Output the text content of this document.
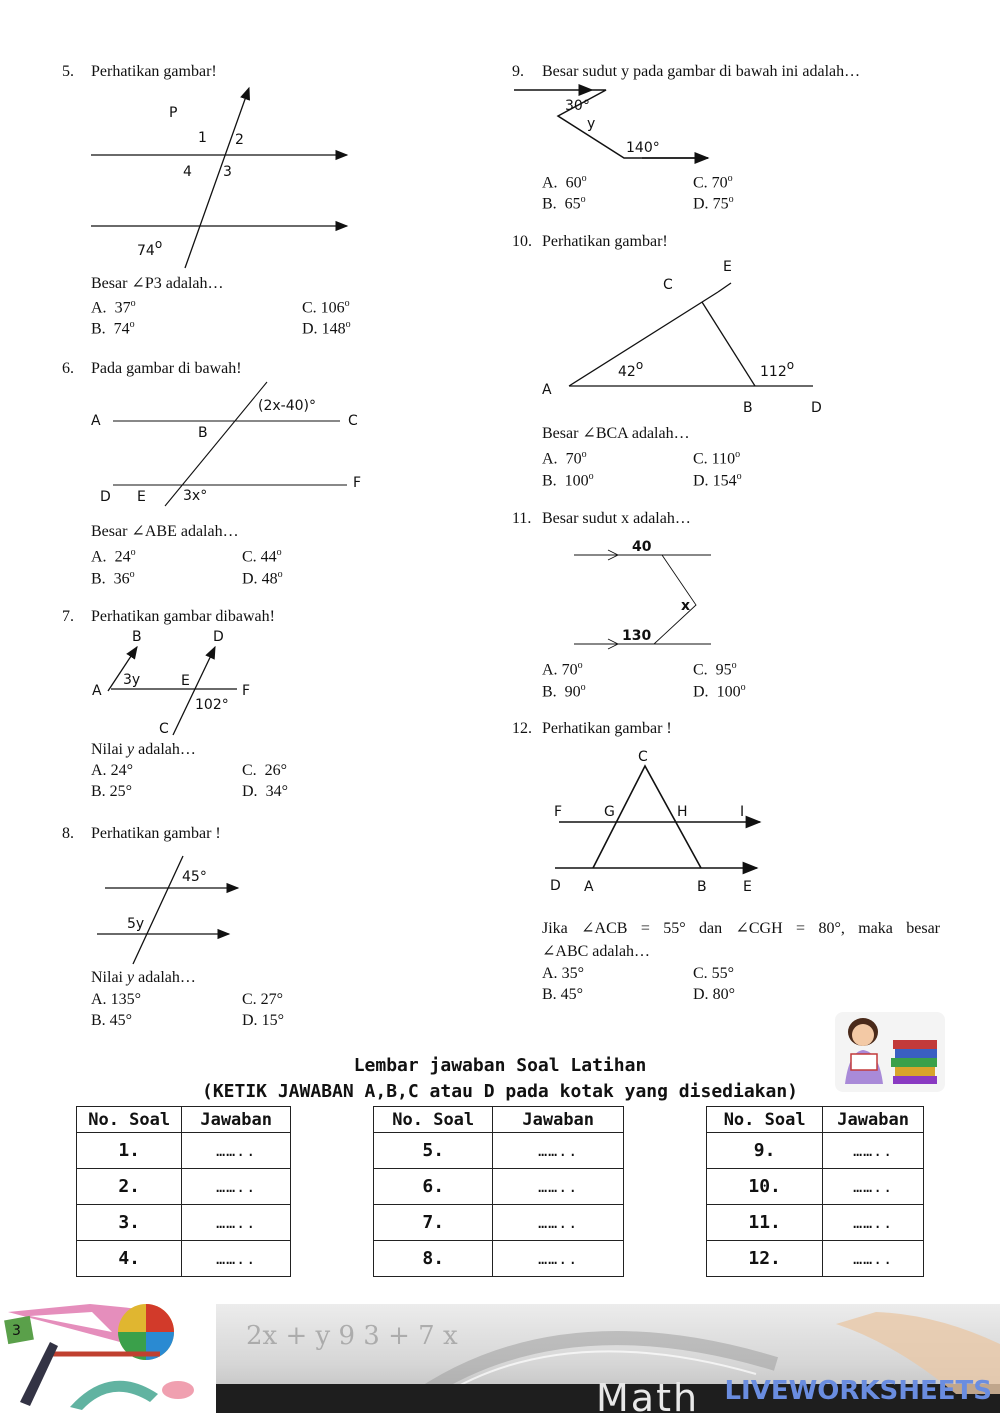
5. Perhatikan gambar!
P
1 2
4 3
74o
Besar ∠P3 adalah…
A. 37$^o$	C. 106$^o$
B. 74$^o$	D. 148$^o$
6. Pada gambar di bawah!
A
B
C
D E
F
(2x-40)°
3x°
Besar ∠ABE adalah…
A. 24$^o$	C. 44$^o$
B. 36$^o$	D. 48$^o$
7. Perhatikan gambar dibawah!
B	D
A	F
E
C
3y
102°
Nilai y adalah…
A. 24°	C. 26°
B. 25°	D. 34°
8. Perhatikan gambar !
45°
5y
Nilai y adalah…
A. 135°	C. 27°
B. 45°	D. 15°
9. Besar sudut y pada gambar di bawah ini adalah…
30°
y
140°
A. 60$^o$	C. 70$^o$
B. 65$^o$	D. 75$^o$
10. Perhatikan gambar!
E
C
A
B	D
42o	112o
Besar ∠BCA adalah…
A. 70$^o$	C. 110$^o$
B. 100$^o$	D. 154$^o$
11. Besar sudut x adalah…
40
x
130
A. 70$^o$	C. 95$^o$
B. 90$^o$	D. 100$^o$
12. Perhatikan gambar !
C
F	G	H	I
D A	B	E
Jika ∠ACB = 55° dan ∠CGH = 80°, maka besar
∠ABC adalah…
A. 35°	C. 55°
B. 45°	D. 80°
Lembar jawaban Soal Latihan
(KETIK JAWABAN A,B,C atau D pada kotak yang disediakan)
No. Soal	Jawaban
1.	……..

2.	……..

3.	……..

4.	……..
No. Soal	Jawaban
5.	……..

6.	……..

7.	……..

8.	……..
No. Soal	Jawaban
9.	……..

10.	……..

11.	……..

12.	……..
3	2x + y 9 3 + 7 x
Math LIVEWORKSHEETS
